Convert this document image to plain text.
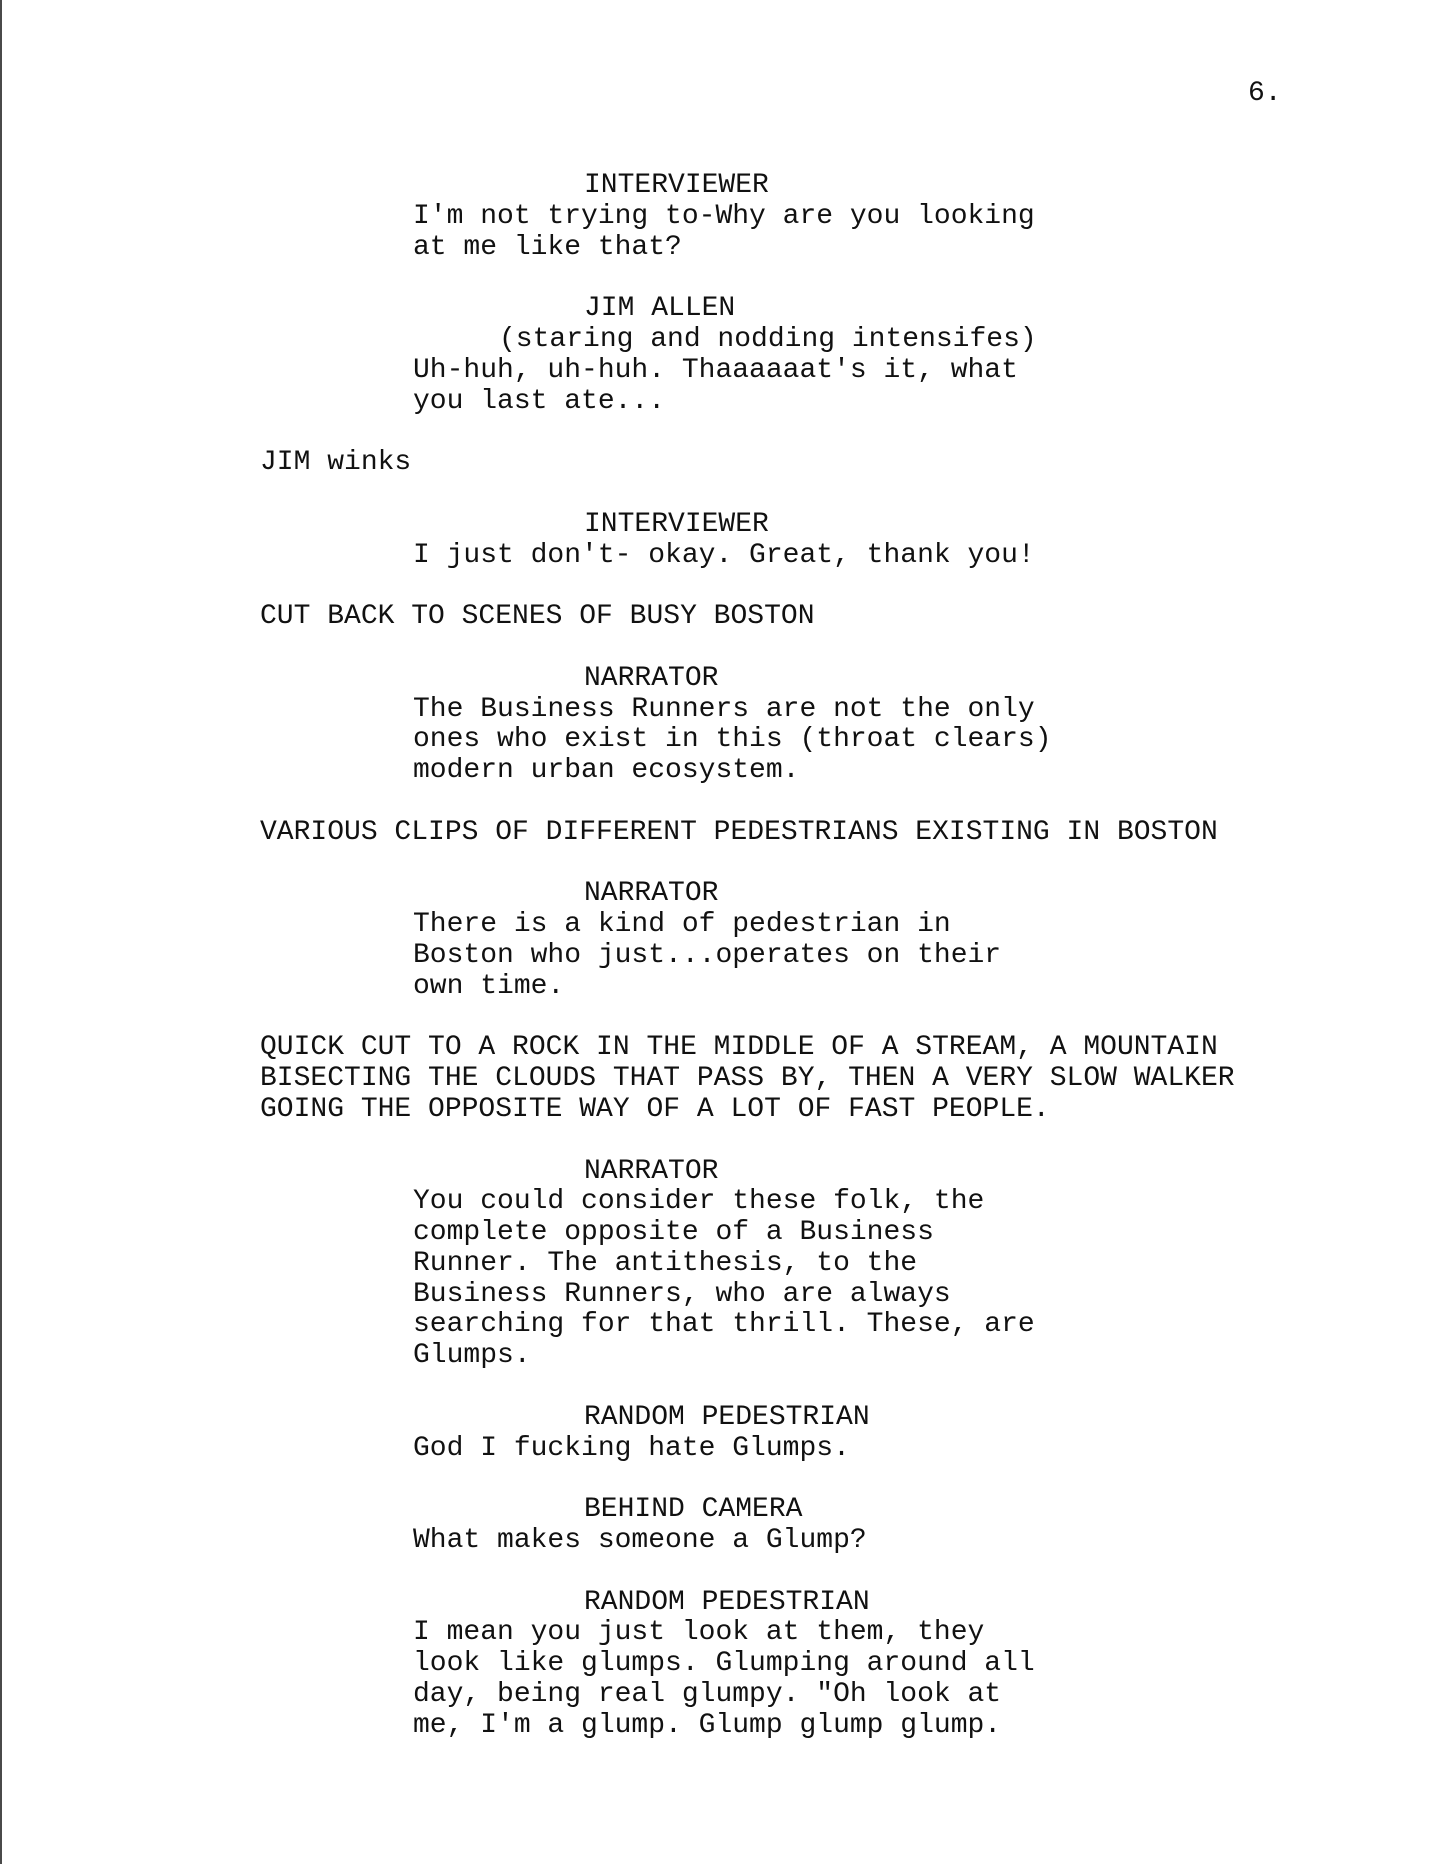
6.
INTERVIEWER
I'm not trying to-Why are you looking
at me like that?
JIM ALLEN
(staring and nodding intensifes)
Uh-huh, uh-huh. Thaaaaaat's it, what
you last ate...
JIM winks
INTERVIEWER
I just don't- okay. Great, thank you!
CUT BACK TO SCENES OF BUSY BOSTON
NARRATOR
The Business Runners are not the only
ones who exist in this (throat clears)
modern urban ecosystem.
VARIOUS CLIPS OF DIFFERENT PEDESTRIANS EXISTING IN BOSTON
NARRATOR
There is a kind of pedestrian in
Boston who just...operates on their
own time.
QUICK CUT TO A ROCK IN THE MIDDLE OF A STREAM, A MOUNTAIN
BISECTING THE CLOUDS THAT PASS BY, THEN A VERY SLOW WALKER
GOING THE OPPOSITE WAY OF A LOT OF FAST PEOPLE.
NARRATOR
You could consider these folk, the
complete opposite of a Business
Runner. The antithesis, to the
Business Runners, who are always
searching for that thrill. These, are
Glumps.
RANDOM PEDESTRIAN
God I fucking hate Glumps.
BEHIND CAMERA
What makes someone a Glump?
RANDOM PEDESTRIAN
I mean you just look at them, they
look like glumps. Glumping around all
day, being real glumpy. "Oh look at
me, I'm a glump. Glump glump glump.
